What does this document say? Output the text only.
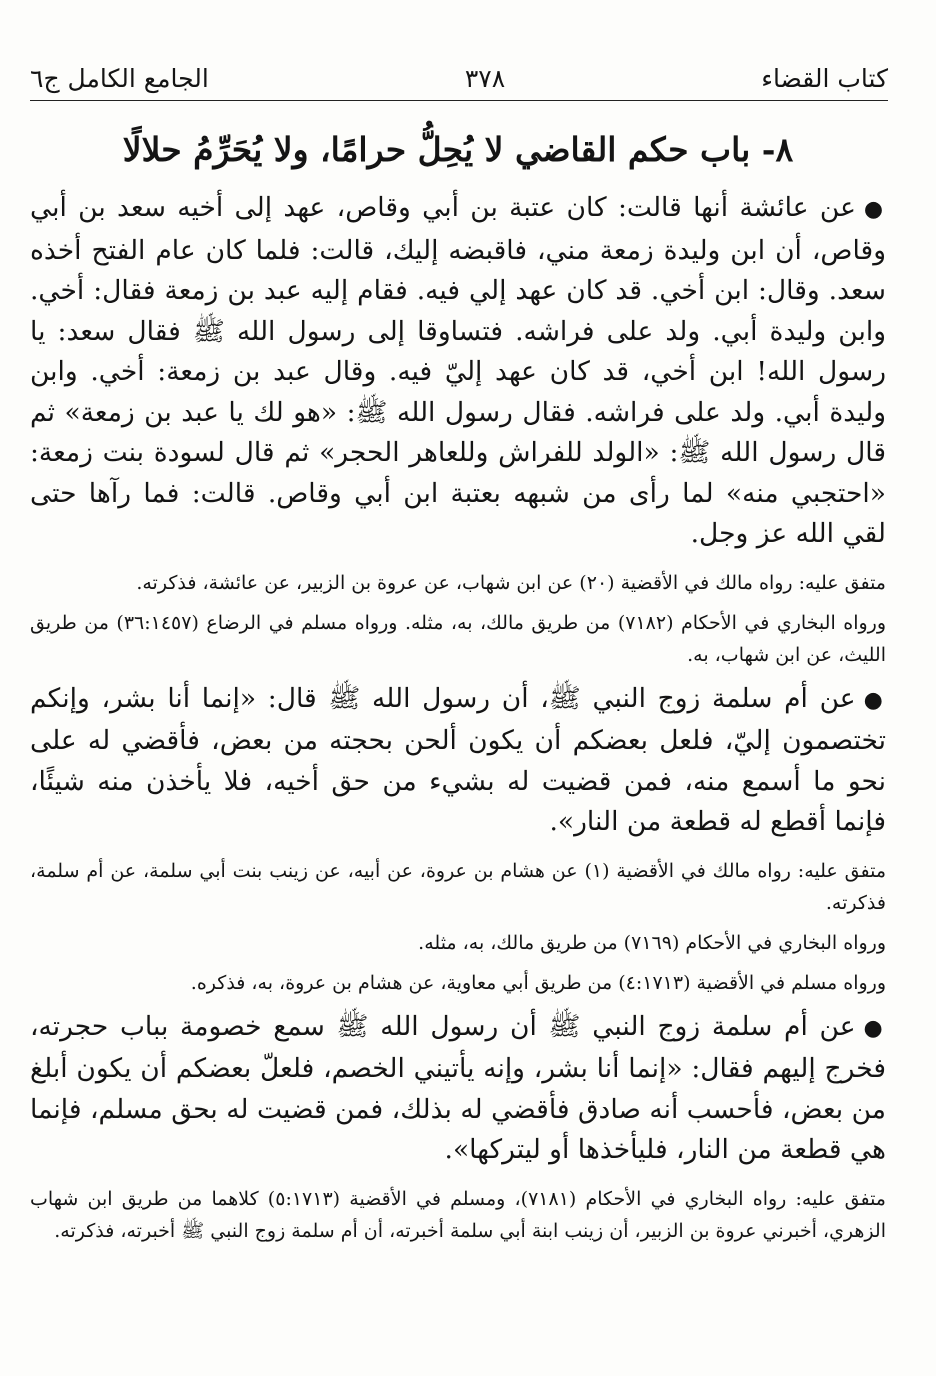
كتاب القضاء
٣٧٨
الجامع الكامل ج٦
٨- باب حكم القاضي لا يُحِلُّ حرامًا، ولا يُحَرِّمُ حلالًا

●عن عائشة أنها قالت: كان عتبة بن أبي وقاص، عهد إلى أخيه سعد بن أبي وقاص، أن ابن وليدة زمعة مني، فاقبضه إليك، قالت: فلما كان عام الفتح أخذه سعد. وقال: ابن أخي. قد كان عهد إلي فيه. فقام إليه عبد بن زمعة فقال: أخي. وابن وليدة أبي. ولد على فراشه. فتساوقا إلى رسول الله ﷺ فقال سعد: يا رسول الله! ابن أخي، قد كان عهد إليّ فيه. وقال عبد بن زمعة: أخي. وابن وليدة أبي. ولد على فراشه. فقال رسول الله ﷺ: «هو لك يا عبد بن زمعة» ثم قال رسول الله ﷺ: «الولد للفراش وللعاهر الحجر» ثم قال لسودة بنت زمعة: «احتجبي منه» لما رأى من شبهه بعتبة ابن أبي وقاص. قالت: فما رآها حتى لقي الله عز وجل.

متفق عليه: رواه مالك في الأقضية (٢٠) عن ابن شهاب، عن عروة بن الزبير، عن عائشة، فذكرته.

ورواه البخاري في الأحكام (٧١٨٢) من طريق مالك، به، مثله. ورواه مسلم في الرضاع (٣٦:١٤٥٧) من طريق الليث، عن ابن شهاب، به.

●عن أم سلمة زوج النبي ﷺ، أن رسول الله ﷺ قال: «إنما أنا بشر، وإنكم تختصمون إليّ، فلعل بعضكم أن يكون ألحن بحجته من بعض، فأقضي له على نحو ما أسمع منه، فمن قضيت له بشيء من حق أخيه، فلا يأخذن منه شيئًا، فإنما أقطع له قطعة من النار».

متفق عليه: رواه مالك في الأقضية (١) عن هشام بن عروة، عن أبيه، عن زينب بنت أبي سلمة، عن أم سلمة، فذكرته.

ورواه البخاري في الأحكام (٧١٦٩) من طريق مالك، به، مثله.

ورواه مسلم في الأقضية (٤:١٧١٣) من طريق أبي معاوية، عن هشام بن عروة، به، فذكره.

●عن أم سلمة زوج النبي ﷺ أن رسول الله ﷺ سمع خصومة بباب حجرته، فخرج إليهم فقال: «إنما أنا بشر، وإنه يأتيني الخصم، فلعلّ بعضكم أن يكون أبلغ من بعض، فأحسب أنه صادق فأقضي له بذلك، فمن قضيت له بحق مسلم، فإنما هي قطعة من النار، فليأخذها أو ليتركها».

متفق عليه: رواه البخاري في الأحكام (٧١٨١)، ومسلم في الأقضية (٥:١٧١٣) كلاهما من طريق ابن شهاب الزهري، أخبرني عروة بن الزبير، أن زينب ابنة أبي سلمة أخبرته، أن أم سلمة زوج النبي ﷺ أخبرته، فذكرته.
